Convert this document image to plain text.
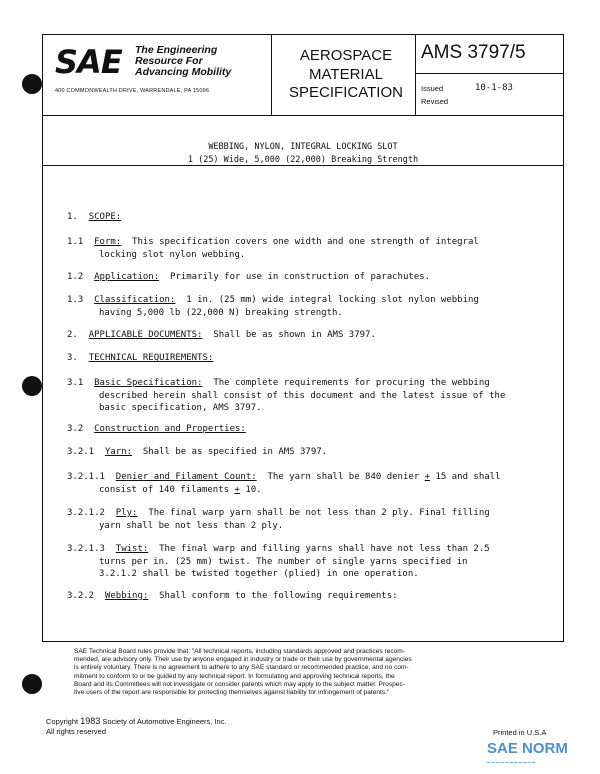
SAE The Engineering
Resource For
Advancing Mobility
400 COMMONWEALTH DRIVE, WARRENDALE, PA 15096
AEROSPACE
MATERIAL
SPECIFICATION
AMS 3797/5
Issued	10-1-83
Revised
WEBBING, NYLON, INTEGRAL LOCKING SLOT
1 (25) Wide, 5,000 (22,000) Breaking Strength
1. SCOPE:
1.1 Form: This specification covers one width and one strength of integral
locking slot nylon webbing.
1.2 Application: Primarily for use in construction of parachutes.
1.3 Classification: 1 in. (25 mm) wide integral locking slot nylon webbing
having 5,000 lb (22,000 N) breaking strength.
2. APPLICABLE DOCUMENTS: Shall be as shown in AMS 3797.
3. TECHNICAL REQUIREMENTS:
3.1 Basic Specification: The complete requirements for procuring the webbing
described herein shall consist of this document and the latest issue of the
basic specification, AMS 3797.
3.2 Construction and Properties:
3.2.1 Yarn: Shall be as specified in AMS 3797.
3.2.1.1 Denier and Filament Count: The yarn shall be 840 denier + 15 and shall
consist of 140 filaments + 10.
3.2.1.2 Ply: The final warp yarn shall be not less than 2 ply. Final filling
yarn shall be not less than 2 ply.
3.2.1.3 Twist: The final warp and filling yarns shall have not less than 2.5
turns per in. (25 mm) twist. The number of single yarns specified in
3.2.1.2 shall be twisted together (plied) in one operation.
3.2.2 Webbing: Shall conform to the following requirements:
SAE Technical Board rules provide that: "All technical reports, including standards approved and practices recom-
mended, are advisory only. Their use by anyone engaged in industry or trade or their use by governmental agencies
is entirely voluntary. There is no agreement to adhere to any SAE standard or recommended practice, and no com-
mitment to conform to or be guided by any technical report. In formulating and approving technical reports, the
Board and its Committees will not investigate or consider patents which may apply to the subject matter. Prospec-
tive users of the report are responsible for protecting themselves against liability for infringement of patents."
Copyright 1983 Society of Automotive Engineers, Inc.
All rights reserved	Printed in U.S.A
SAE NORM
▬▬▬▬▬▬▬▬▬▬▬
